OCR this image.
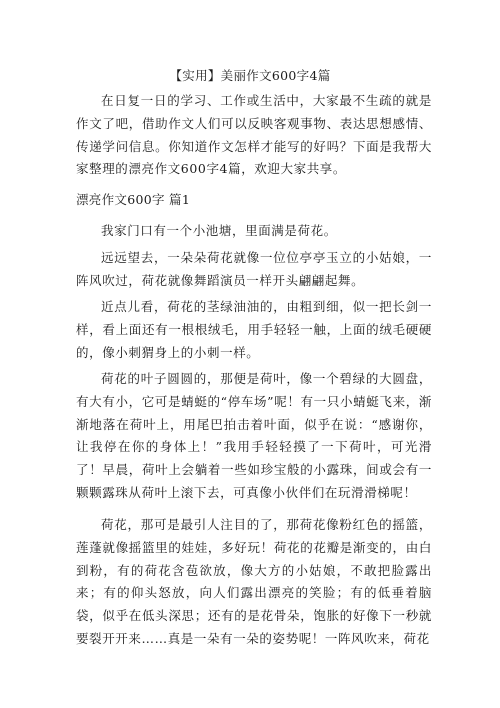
【实用】美丽作文600字4篇

在日复一日的学习、工作或生活中，大家最不生疏的就是作文了吧，借助作文人们可以反映客观事物、表达思想感情、传递学问信息。你知道作文怎样才能写的好吗？下面是我帮大家整理的漂亮作文600字4篇，欢迎大家共享。

漂亮作文600字 篇1

我家门口有一个小池塘，里面满是荷花。

远远望去，一朵朵荷花就像一位位亭亭玉立的小姑娘，一阵风吹过，荷花就像舞蹈演员一样开头翩翩起舞。

近点儿看，荷花的茎绿油油的，由粗到细，似一把长剑一样，看上面还有一根根绒毛，用手轻轻一触，上面的绒毛硬硬的，像小刺猬身上的小刺一样。

荷花的叶子圆圆的，那便是荷叶，像一个碧绿的大圆盘，有大有小，它可是蜻蜓的“停车场”呢！有一只小蜻蜓飞来，渐渐地落在荷叶上，用尾巴拍击着叶面，似乎在说：“感谢你，让我停在你的身体上！”我用手轻轻摸了一下荷叶，可光滑了！早晨，荷叶上会躺着一些如珍宝般的小露珠，间或会有一颗颗露珠从荷叶上滚下去，可真像小伙伴们在玩滑滑梯呢！

荷花，那可是最引人注目的了，那荷花像粉红色的摇篮，莲蓬就像摇篮里的娃娃，多好玩！荷花的花瓣是渐变的，由白到粉，有的荷花含苞欲放，像大方的小姑娘，不敢把脸露出来；有的仰头怒放，向人们露出漂亮的笑脸；有的低垂着脑袋，似乎在低头深思；还有的是花骨朵，饱胀的好像下一秒就要裂开开来……真是一朵有一朵的姿势呢！一阵风吹来，荷花
